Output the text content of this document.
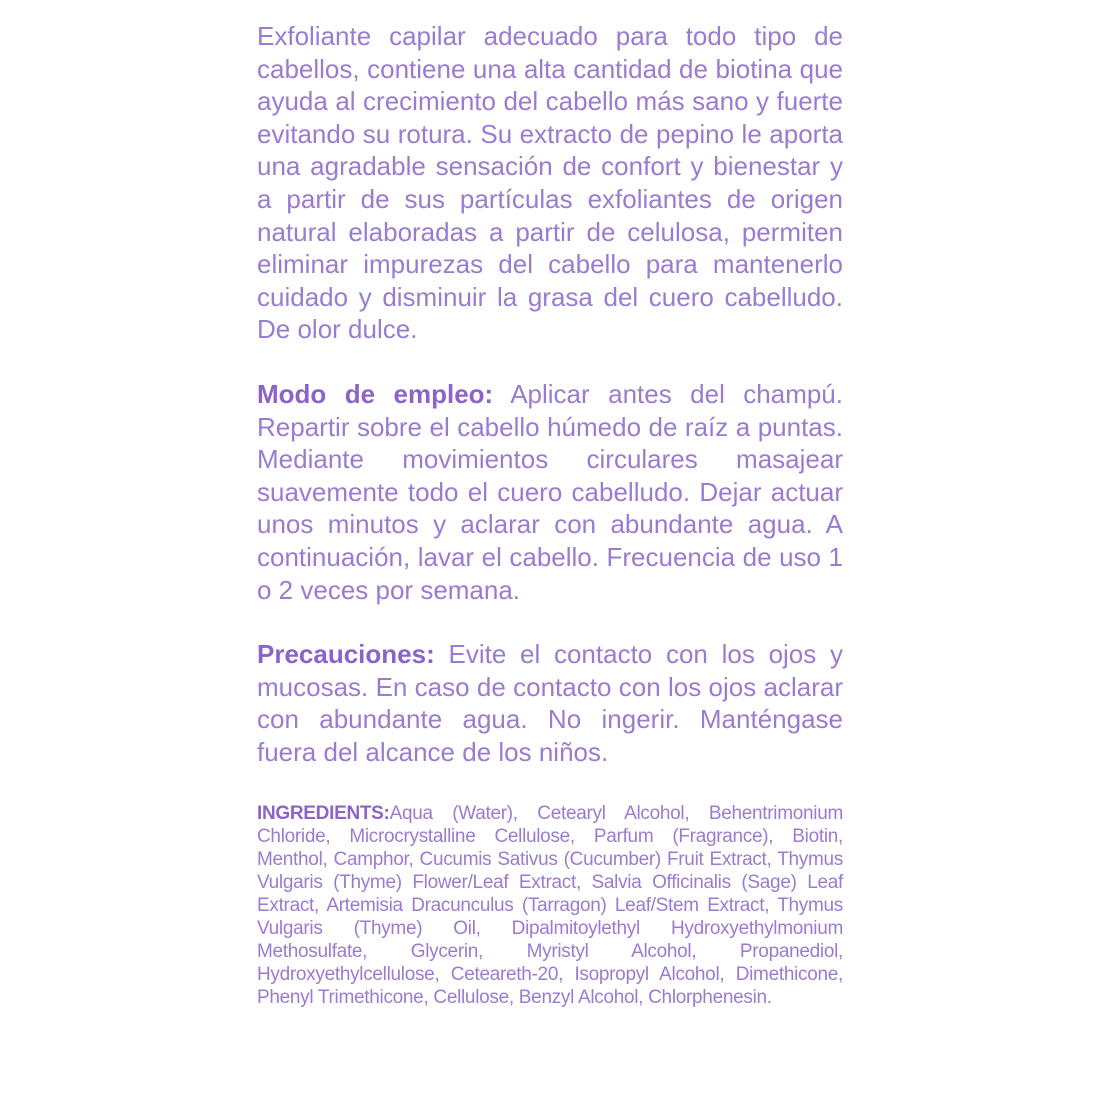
Exfoliante capilar adecuado para todo tipo de cabellos, contiene una alta cantidad de biotina que ayuda al crecimiento del cabello más sano y fuerte evitando su rotura. Su extracto de pepino le aporta una agradable sensación de confort y bienestar y a partir de sus partículas exfoliantes de origen natural elaboradas a partir de celulosa, permiten eliminar impurezas del cabello para mantenerlo cuidado y disminuir la grasa del cuero cabelludo. De olor dulce.

Modo de empleo: Aplicar antes del champú. Repartir sobre el cabello húmedo de raíz a puntas. Mediante movimientos circulares masajear suavemente todo el cuero cabelludo. Dejar actuar unos minutos y aclarar con abundante agua. A continuación, lavar el cabello. Frecuencia de uso 1 o 2 veces por semana.

Precauciones: Evite el contacto con los ojos y mucosas. En caso de contacto con los ojos aclarar con abundante agua. No ingerir. Manténgase fuera del alcance de los niños.

INGREDIENTS:Aqua (Water), Cetearyl Alcohol, Behentrimonium Chloride, Microcrystalline Cellulose, Parfum (Fragrance), Biotin, Menthol, Camphor, Cucumis Sativus (Cucumber) Fruit Extract, Thymus Vulgaris (Thyme) Flower/Leaf Extract, Salvia Officinalis (Sage) Leaf Extract, Artemisia Dracunculus (Tarragon) Leaf/Stem Extract, Thymus Vulgaris (Thyme) Oil, Dipalmitoylethyl Hydroxyethylmonium Methosulfate, Glycerin, Myristyl Alcohol, Propanediol, Hydroxyethylcellulose, Ceteareth-20, Isopropyl Alcohol, Dimethicone, Phenyl Trimethicone, Cellulose, Benzyl Alcohol, Chlorphenesin.
